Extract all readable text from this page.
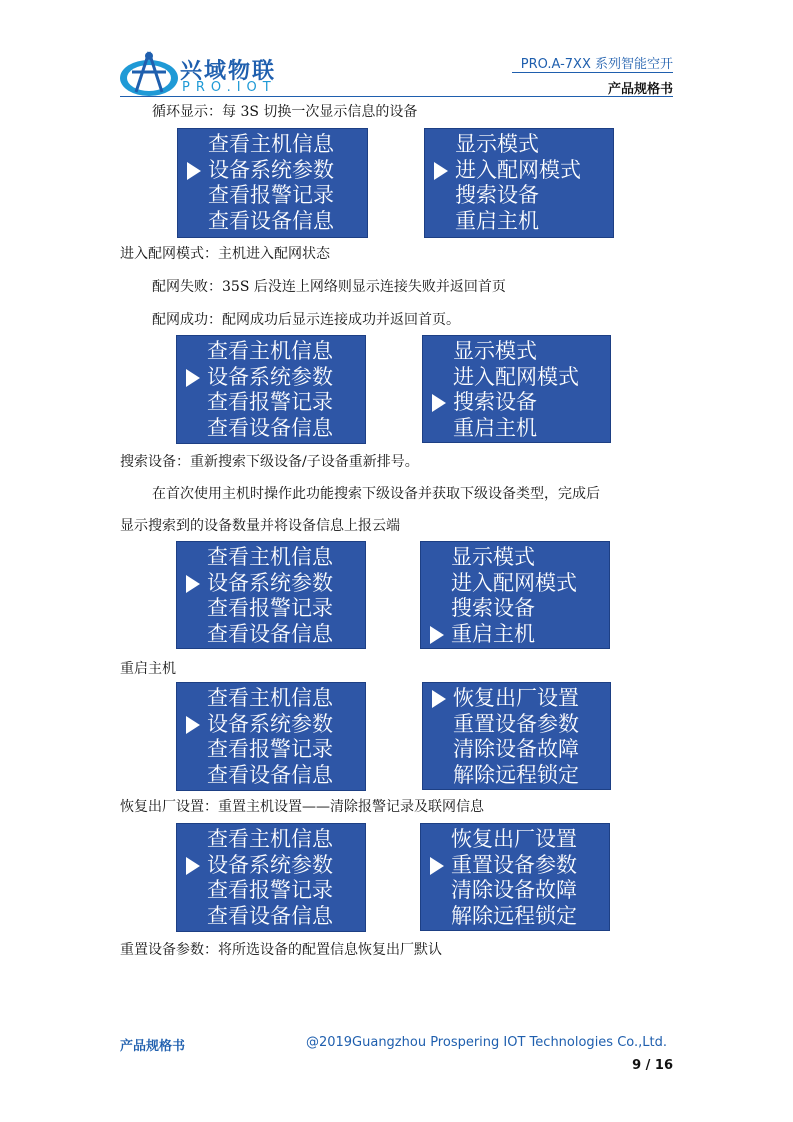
兴域物联
PRO.IOT
PRO.A-7XX 系列智能空开
产品规格书
循环显示：每 3S 切换一次显示信息的设备
进入配网模式：主机进入配网状态
配网失败：35S 后没连上网络则显示连接失败并返回首页
配网成功：配网成功后显示连接成功并返回首页。
搜索设备：重新搜索下级设备/子设备重新排号。
在首次使用主机时操作此功能搜索下级设备并获取下级设备类型，完成后
显示搜索到的设备数量并将设备信息上报云端
重启主机
恢复出厂设置：重置主机设置——清除报警记录及联网信息
重置设备参数：将所选设备的配置信息恢复出厂默认
查看主机信息
设备系统参数
查看报警记录
查看设备信息
显示模式
进入配网模式
搜索设备
重启主机
查看主机信息
设备系统参数
查看报警记录
查看设备信息
显示模式
进入配网模式
搜索设备
重启主机
查看主机信息
设备系统参数
查看报警记录
查看设备信息
显示模式
进入配网模式
搜索设备
重启主机
查看主机信息
设备系统参数
查看报警记录
查看设备信息
恢复出厂设置
重置设备参数
清除设备故障
解除远程锁定
查看主机信息
设备系统参数
查看报警记录
查看设备信息
恢复出厂设置
重置设备参数
清除设备故障
解除远程锁定
产品规格书	@2019Guangzhou Prospering IOT Technologies Co.,Ltd.
9 / 16
